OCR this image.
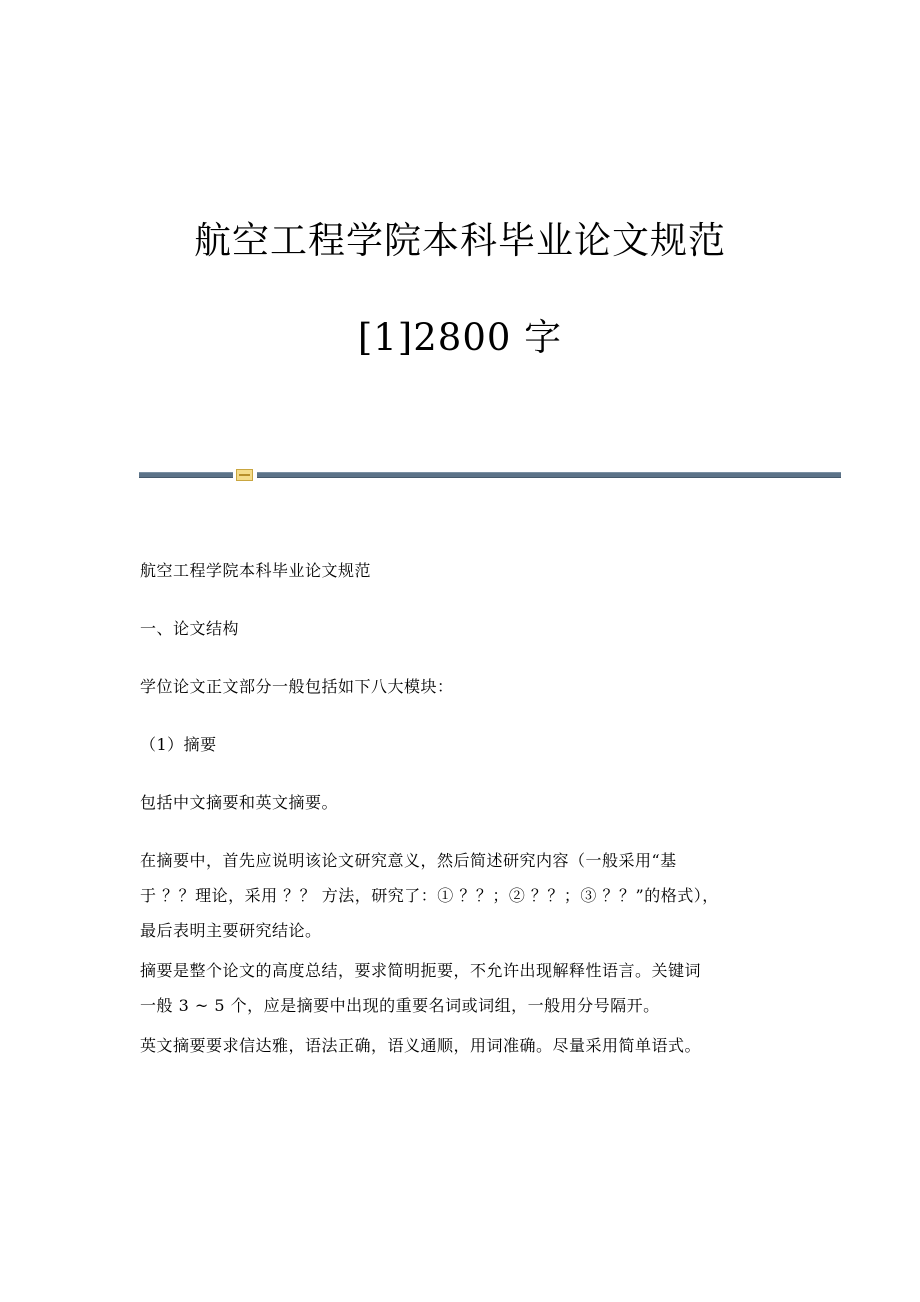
航空工程学院本科毕业论文规范
[1]2800 字

航空工程学院本科毕业论文规范

一、论文结构

学位论文正文部分一般包括如下八大模块：

（1）摘要

包括中文摘要和英文摘要。

在摘要中，首先应说明该论文研究意义，然后简述研究内容（一般采用“基

于 ？？理论，采用 ？？ 方法，研究了：① ？？；② ？？；③ ？？”的格式），

最后表明主要研究结论。

摘要是整个论文的高度总结，要求简明扼要，不允许出现解释性语言。关键词

一般 3 ~ 5 个，应是摘要中出现的重要名词或词组，一般用分号隔开。

英文摘要要求信达雅，语法正确，语义通顺，用词准确。尽量采用简单语式。
